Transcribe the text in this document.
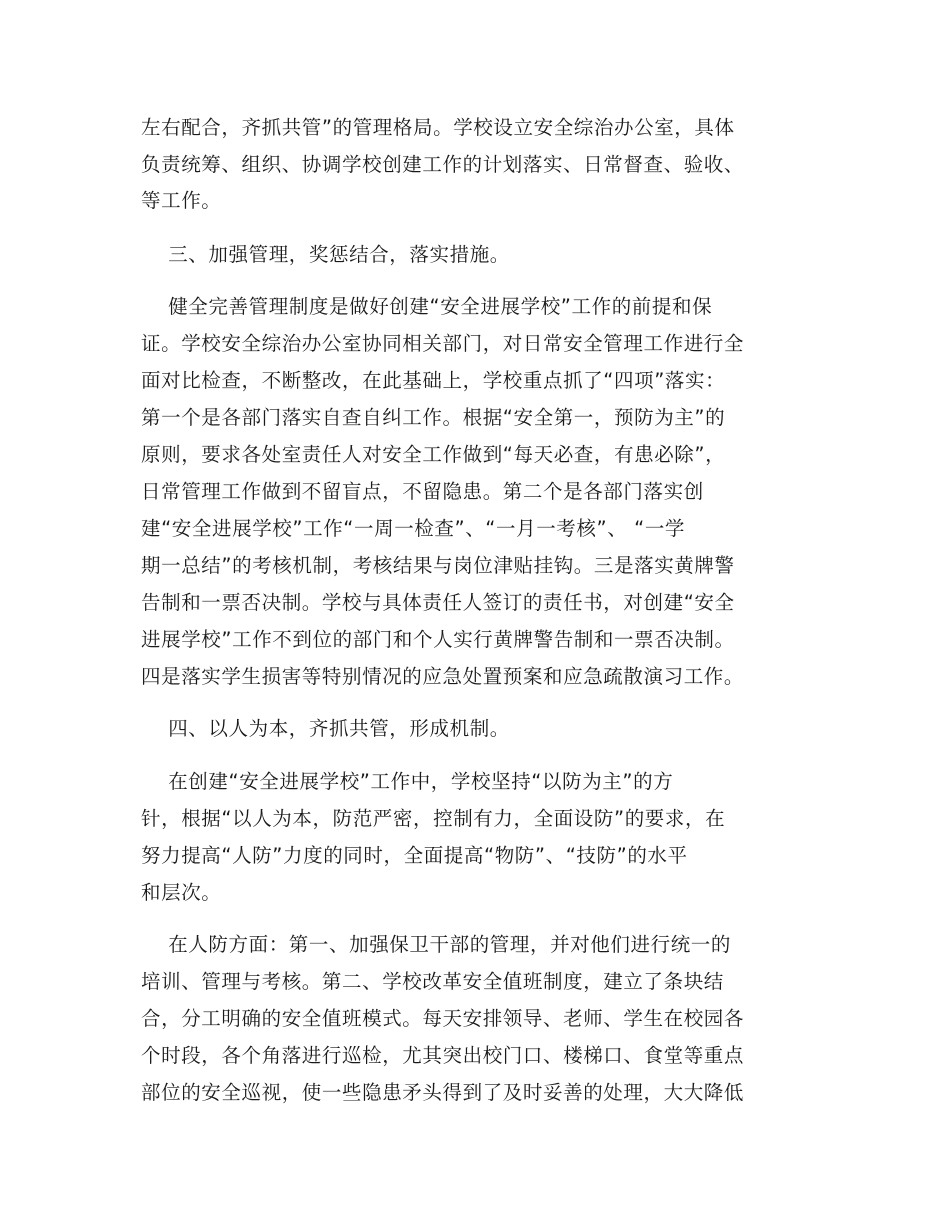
左右配合，齐抓共管”的管理格局。学校设立安全综治办公室，具体

负责统筹、组织、协调学校创建工作的计划落实、日常督查、验收、

等工作。

三、加强管理，奖惩结合，落实措施。

健全完善管理制度是做好创建“安全进展学校”工作的前提和保

证。学校安全综治办公室协同相关部门，对日常安全管理工作进行全

面对比检查，不断整改，在此基础上，学校重点抓了“四项”落实：

第一个是各部门落实自查自纠工作。根据“安全第一，预防为主”的

原则，要求各处室责任人对安全工作做到“每天必查，有患必除”，

日常管理工作做到不留盲点，不留隐患。第二个是各部门落实创

建“安全进展学校”工作“一周一检查”、“一月一考核”、 “一学

期一总结”的考核机制，考核结果与岗位津贴挂钩。三是落实黄牌警

告制和一票否决制。学校与具体责任人签订的责任书，对创建“安全

进展学校”工作不到位的部门和个人实行黄牌警告制和一票否决制。

四是落实学生损害等特别情况的应急处置预案和应急疏散演习工作。

四、以人为本，齐抓共管，形成机制。

在创建“安全进展学校”工作中，学校坚持“以防为主”的方

针，根据“以人为本，防范严密，控制有力，全面设防”的要求，在

努力提高“人防”力度的同时，全面提高“物防”、“技防”的水平

和层次。

在人防方面：第一、加强保卫干部的管理，并对他们进行统一的

培训、管理与考核。第二、学校改革安全值班制度，建立了条块结

合，分工明确的安全值班模式。每天安排领导、老师、学生在校园各

个时段，各个角落进行巡检，尤其突出校门口、楼梯口、食堂等重点

部位的安全巡视，使一些隐患矛头得到了及时妥善的处理，大大降低
